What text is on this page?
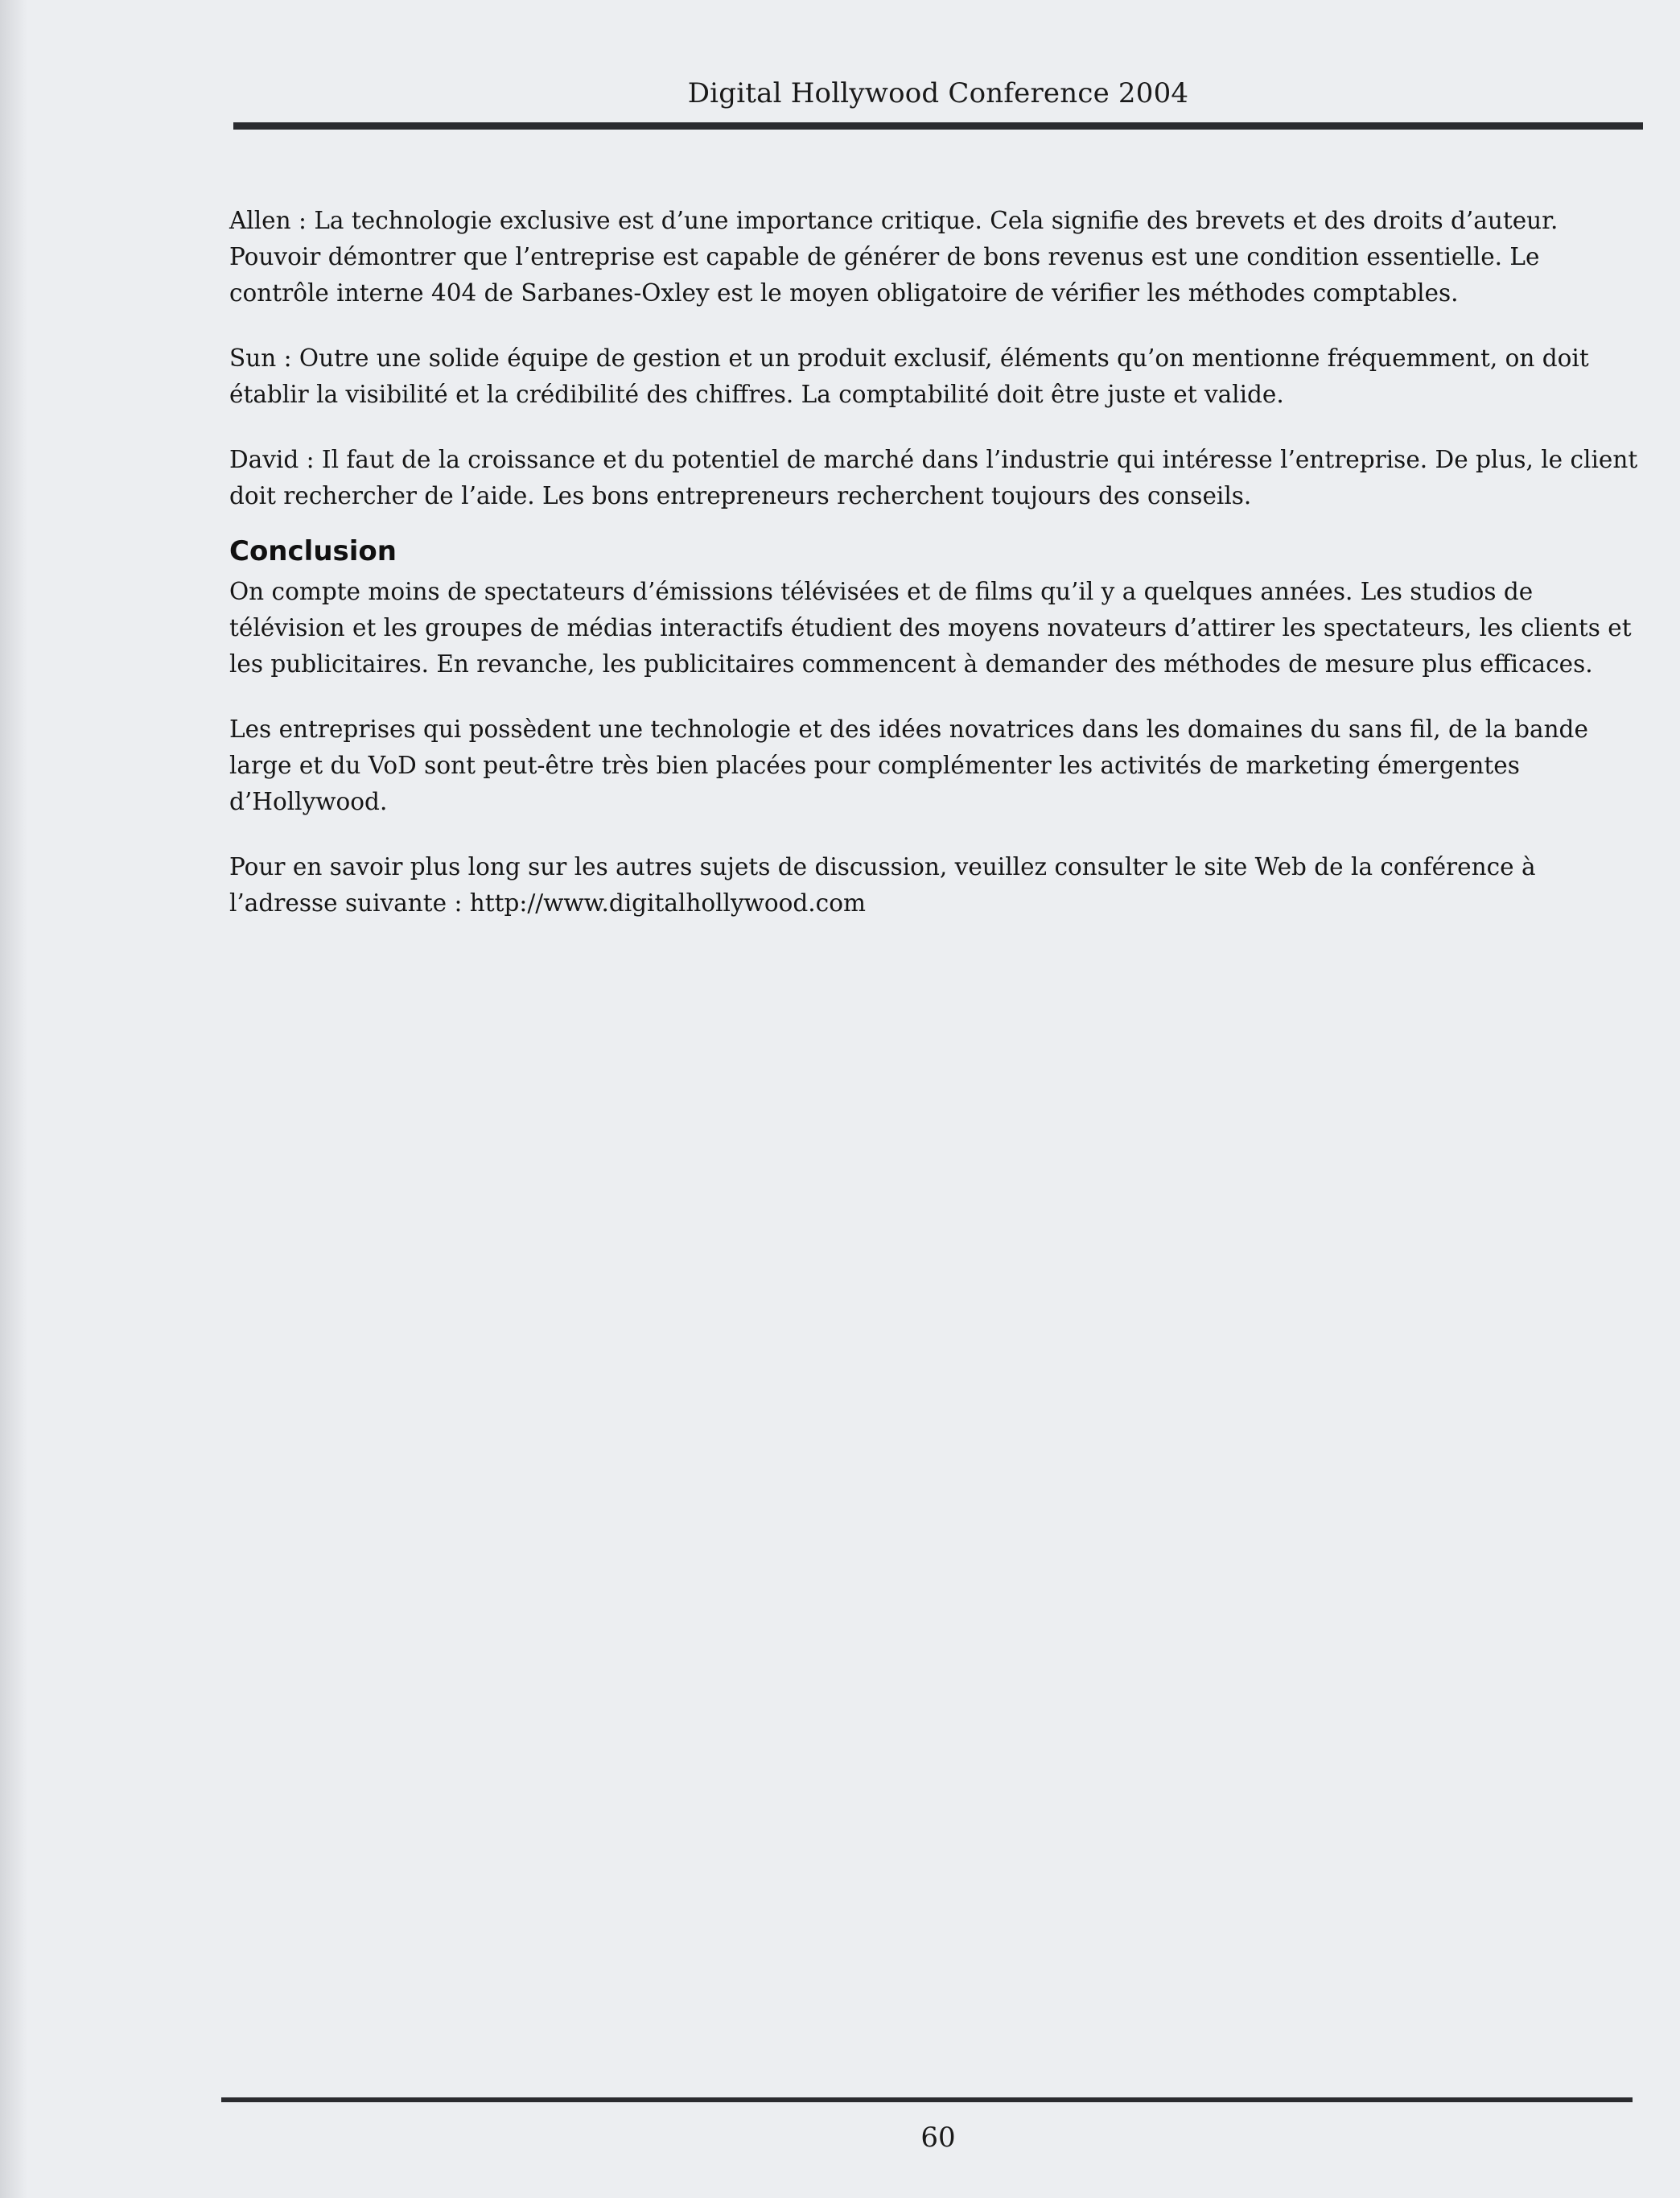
Digital Hollywood Conference 2004

Allen : La technologie exclusive est d’une importance critique. Cela signifie des brevets et des droits d’auteur. Pouvoir démontrer que l’entreprise est capable de générer de bons revenus est une condition essentielle. Le contrôle interne 404 de Sarbanes-Oxley est le moyen obligatoire de vérifier les méthodes comptables.

Sun : Outre une solide équipe de gestion et un produit exclusif, éléments qu’on mentionne fréquemment, on doit établir la visibilité et la crédibilité des chiffres. La comptabilité doit être juste et valide.

David : Il faut de la croissance et du potentiel de marché dans l’industrie qui intéresse l’entreprise. De plus, le client doit rechercher de l’aide. Les bons entrepreneurs recherchent toujours des conseils.

Conclusion

On compte moins de spectateurs d’émissions télévisées et de films qu’il y a quelques années. Les studios de télévision et les groupes de médias interactifs étudient des moyens novateurs d’attirer les spectateurs, les clients et les publicitaires. En revanche, les publicitaires commencent à demander des méthodes de mesure plus efficaces.

Les entreprises qui possèdent une technologie et des idées novatrices dans les domaines du sans fil, de la bande large et du VoD sont peut-être très bien placées pour complémenter les activités de marketing émergentes d’Hollywood.

Pour en savoir plus long sur les autres sujets de discussion, veuillez consulter le site Web de la conférence à l’adresse suivante : http://www.digitalhollywood.com

60
